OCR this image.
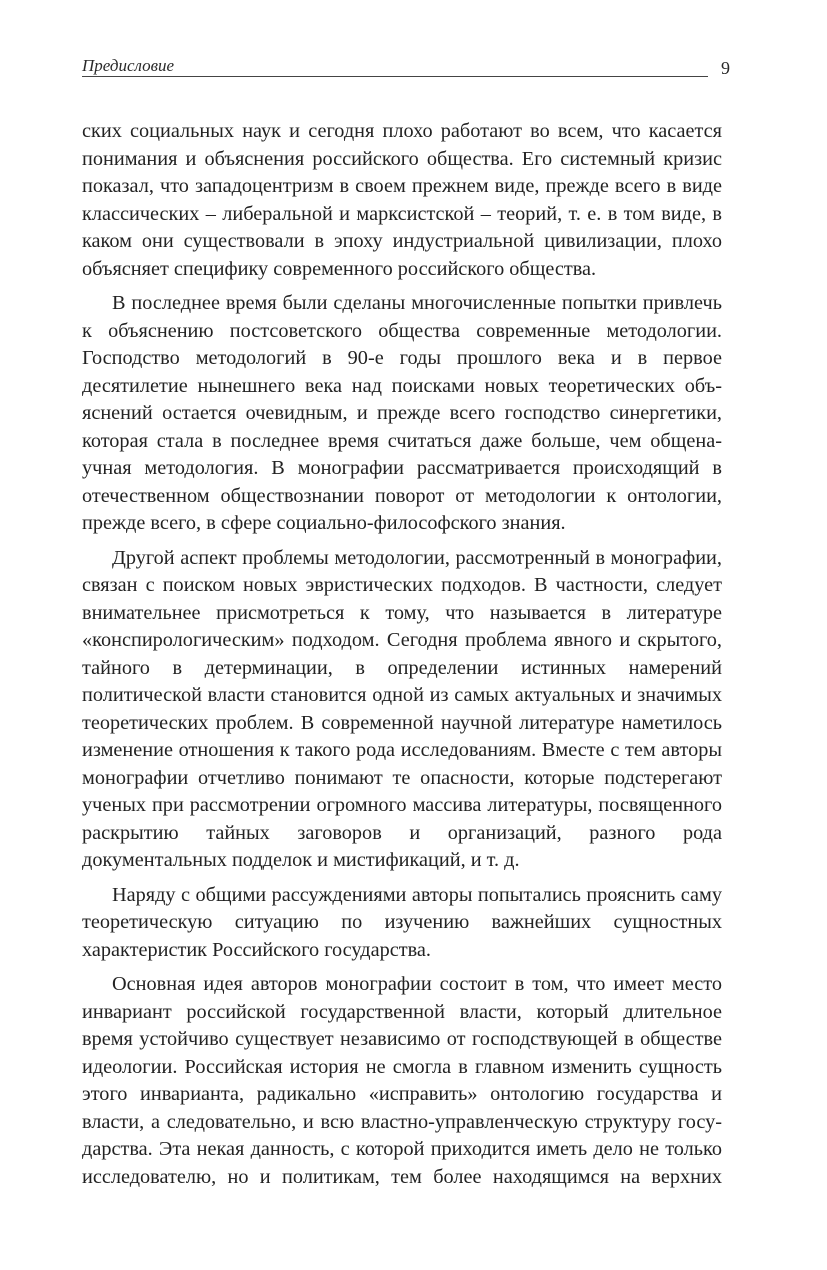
Предисловие	9

ских социальных наук и сегодня плохо работают во всем, что касается понимания и объяснения российского общества. Его системный кризис показал, что западоцентризм в своем прежнем виде, прежде всего в виде классических – либеральной и марксистской – теорий, т. е. в том виде, в каком они существовали в эпоху индустриальной цивилизации, плохо объясняет специфику современного российского общества.

В последнее время были сделаны многочисленные попытки привлечь к объяснению постсоветского общества современные методологии. Господство методологий в 90-е годы прошлого века и в первое десятилетие нынешнего века над поисками новых теоретических объяснений остается очевидным, и прежде всего господство синергетики, которая стала в последнее время считаться даже больше, чем общенаучная методология. В монографии рассматривается происходящий в отечественном обществознании поворот от методологии к онтологии, прежде всего, в сфере социально-философского знания.

Другой аспект проблемы методологии, рассмотренный в монографии, связан с поиском новых эвристических подходов. В частности, следует внимательнее присмотреться к тому, что называется в литературе «конспирологическим» подходом. Сегодня проблема явного и скрытого, тайного в детерминации, в определении истинных намерений политической власти становится одной из самых актуальных и значимых теоретических проблем. В современной научной литературе наметилось изменение отношения к такого рода исследованиям. Вместе с тем авторы монографии отчетливо понимают те опасности, которые подстерегают ученых при рассмотрении огромного массива литературы, посвященного раскрытию тайных заговоров и организаций, разного рода документальных подделок и мистификаций, и т. д.

Наряду с общими рассуждениями авторы попытались прояснить саму теоретическую ситуацию по изучению важнейших сущностных характеристик Российского государства.

Основная идея авторов монографии состоит в том, что имеет место инвариант российской государственной власти, который длительное время устойчиво существует независимо от господствующей в обществе идеологии. Российская история не смогла в главном изменить сущность этого инварианта, радикально «исправить» онтологию государства и власти, а следовательно, и всю властно-управленческую структуру государства. Эта некая данность, с которой приходится иметь дело не только исследователю, но и политикам, тем более находящимся на верхних
